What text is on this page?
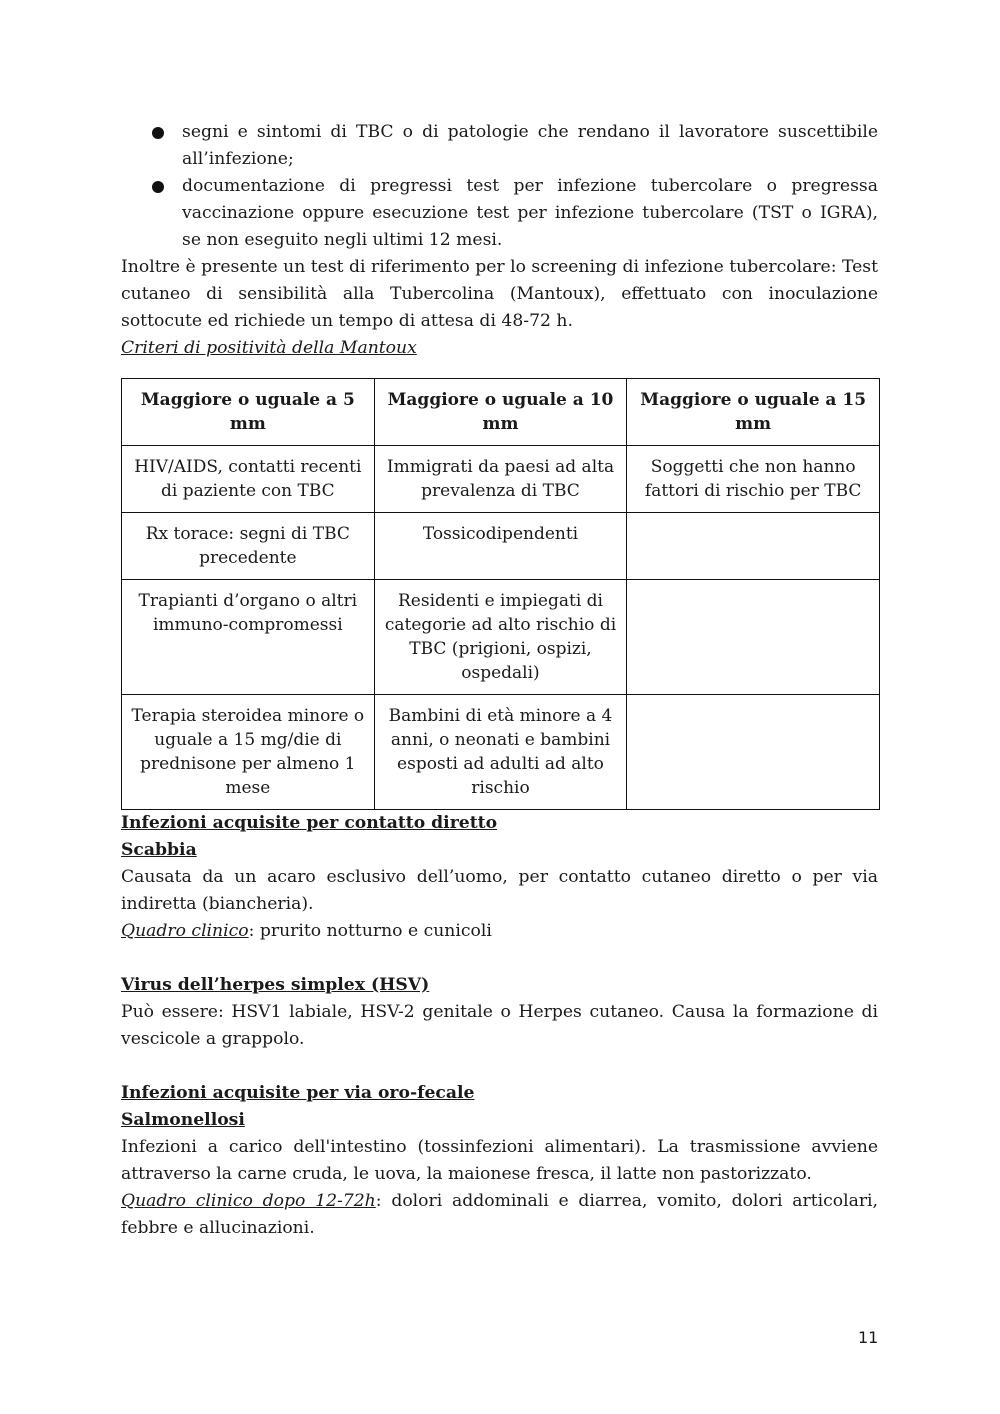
segni e sintomi di TBC o di patologie che rendano il lavoratore suscettibile all’infezione;
documentazione di pregressi test per infezione tubercolare o pregressa vaccinazione oppure esecuzione test per infezione tubercolare (TST o IGRA), se non eseguito negli ultimi 12 mesi.

Inoltre è presente un test di riferimento per lo screening di infezione tubercolare: Test cutaneo di sensibilità alla Tubercolina (Mantoux), effettuato con inoculazione sottocute ed richiede un tempo di attesa di 48-72 h.

Criteri di positività della Mantoux

Maggiore o uguale a 5 mm	Maggiore o uguale a 10 mm	Maggiore o uguale a 15 mm
HIV/AIDS, contatti recenti di paziente con TBC	Immigrati da paesi ad alta prevalenza di TBC	Soggetti che non hanno fattori di rischio per TBC
Rx torace: segni di TBC precedente	Tossicodipendenti	
Trapianti d’organo o altri immuno-compromessi	Residenti e impiegati di categorie ad alto rischio di TBC (prigioni, ospizi, ospedali)	
Terapia steroidea minore o uguale a 15 mg/die di prednisone per almeno 1 mese	Bambini di età minore a 4 anni, o neonati e bambini esposti ad adulti ad alto rischio	

Infezioni acquisite per contatto diretto

Scabbia

Causata da un acaro esclusivo dell’uomo, per contatto cutaneo diretto o per via indiretta (biancheria).

Quadro clinico: prurito notturno e cunicoli

Virus dell’herpes simplex (HSV)

Può essere: HSV1 labiale, HSV-2 genitale o Herpes cutaneo. Causa la formazione di vescicole a grappolo.

Infezioni acquisite per via oro-fecale

Salmonellosi

Infezioni a carico dell'intestino (tossinfezioni alimentari). La trasmissione avviene attraverso la carne cruda, le uova, la maionese fresca, il latte non pastorizzato.

Quadro clinico dopo 12-72h: dolori addominali e diarrea, vomito, dolori articolari, febbre e allucinazioni.

11
